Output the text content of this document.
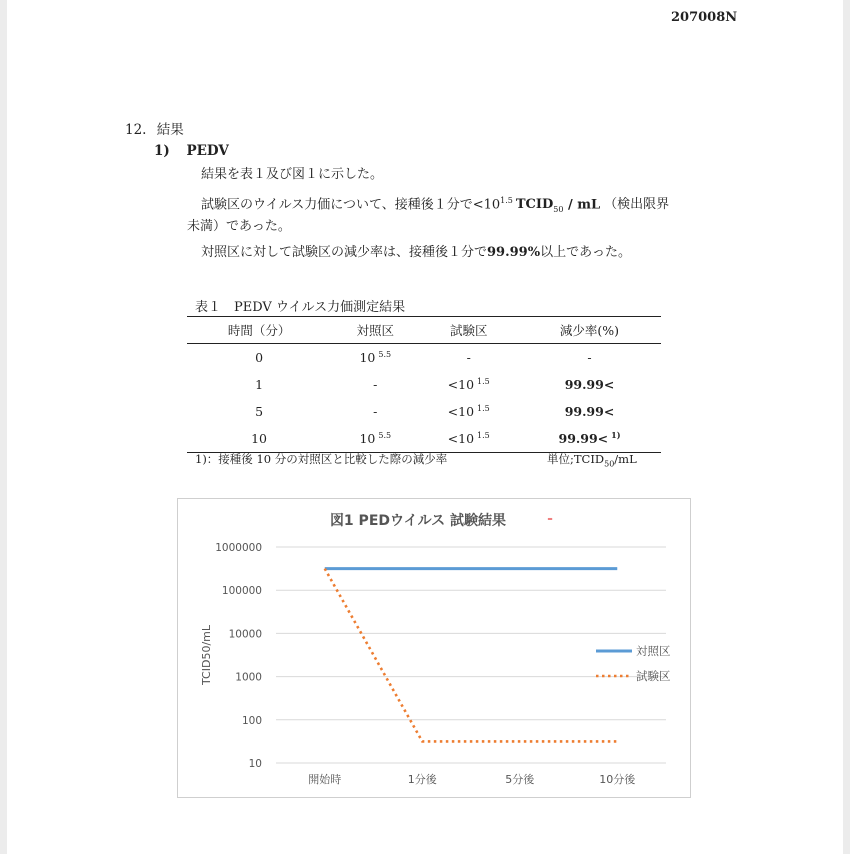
207008N
12. 結果
1) PEDV
結果を表１及び図１に示した。
試験区のウイルス力価について、接種後１分で$<10^{1.5}$ $TCID_{50}$ / mL （検出限界
未満）であった。
対照区に対して試験区の減少率は、接種後１分で99.99%以上であった。
表１　PEDV ウイルス力価測定結果
時間（分）	対照区	試験区	減少率(%)
0	10 $^{5.5}$	-	-
1	-	<10 $^{1.5}$	99.99<
5	-	<10 $^{1.5}$	99.99<
10	10 $^{5.5}$	<10 $^{1.5}$	99.99< $^{1)}$
1)：接種後 10 分の対照区と比較した際の減少率	単位$;TCID_{50}/mL$
図1 PEDウイルス 試験結果	-
1000000
100000
10000
1000
100
10
開始時	1分後	5分後	10分後
TCID50/mL	対照区
試験区
